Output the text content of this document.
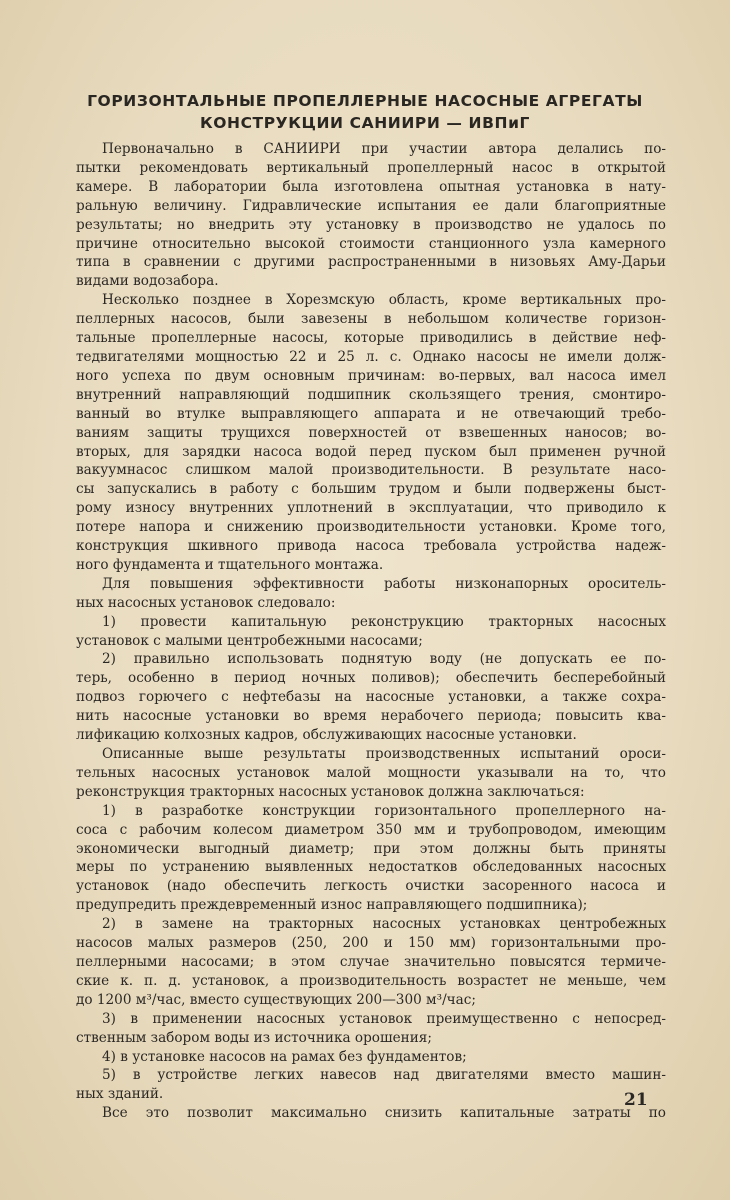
ГОРИЗОНТАЛЬНЫЕ ПРОПЕЛЛЕРНЫЕ НАСОСНЫЕ АГРЕГАТЫ
КОНСТРУКЦИИ САНИИРИ — ИВПиГ
Первоначально в САНИИРИ при участии автора делались по-
пытки рекомендовать вертикальный пропеллерный насос в открытой
камере. В лаборатории была изготовлена опытная установка в нату-
ральную величину. Гидравлические испытания ее дали благоприятные
результаты; но внедрить эту установку в производство не удалось по
причине относительно высокой стоимости станционного узла камерного
типа в сравнении с другими распространенными в низовьях Аму-Дарьи
видами водозабора.
Несколько позднее в Хорезмскую область, кроме вертикальных про-
пеллерных насосов, были завезены в небольшом количестве горизон-
тальные пропеллерные насосы, которые приводились в действие неф-
тедвигателями мощностью 22 и 25 л. с. Однако насосы не имели долж-
ного успеха по двум основным причинам: во-первых, вал насоса имел
внутренний направляющий подшипник скользящего трения, смонтиро-
ванный во втулке выправляющего аппарата и не отвечающий требо-
ваниям защиты трущихся поверхностей от взвешенных наносов; во-
вторых, для зарядки насоса водой перед пуском был применен ручной
вакуумнасос слишком малой производительности. В результате насо-
сы запускались в работу с большим трудом и были подвержены быст-
рому износу внутренних уплотнений в эксплуатации, что приводило к
потере напора и снижению производительности установки. Кроме того,
конструкция шкивного привода насоса требовала устройства надеж-
ного фундамента и тщательного монтажа.
Для повышения эффективности работы низконапорных ороситель-
ных насосных установок следовало:
1) провести капитальную реконструкцию тракторных насосных
установок с малыми центробежными насосами;
2) правильно использовать поднятую воду (не допускать ее по-
терь, особенно в период ночных поливов); обеспечить бесперебойный
подвоз горючего с нефтебазы на насосные установки, а также сохра-
нить насосные установки во время нерабочего периода; повысить ква-
лификацию колхозных кадров, обслуживающих насосные установки.
Описанные выше результаты производственных испытаний ороси-
тельных насосных установок малой мощности указывали на то, что
реконструкция тракторных насосных установок должна заключаться:
1) в разработке конструкции горизонтального пропеллерного на-
соса с рабочим колесом диаметром 350 мм и трубопроводом, имеющим
экономически выгодный диаметр; при этом должны быть приняты
меры по устранению выявленных недостатков обследованных насосных
установок (надо обеспечить легкость очистки засоренного насоса и
предупредить преждевременный износ направляющего подшипника);
2) в замене на тракторных насосных установках центробежных
насосов малых размеров (250, 200 и 150 мм) горизонтальными про-
пеллерными насосами; в этом случае значительно повысятся термиче-
ские к. п. д. установок, а производительность возрастет не меньше, чем
до 1200 м³/час, вместо существующих 200—300 м³/час;
3) в применении насосных установок преимущественно с непосред-
ственным забором воды из источника орошения;
4) в установке насосов на рамах без фундаментов;
5) в устройстве легких навесов над двигателями вместо машин-
ных зданий.
Все это позволит максимально снизить капитальные затраты по
21
